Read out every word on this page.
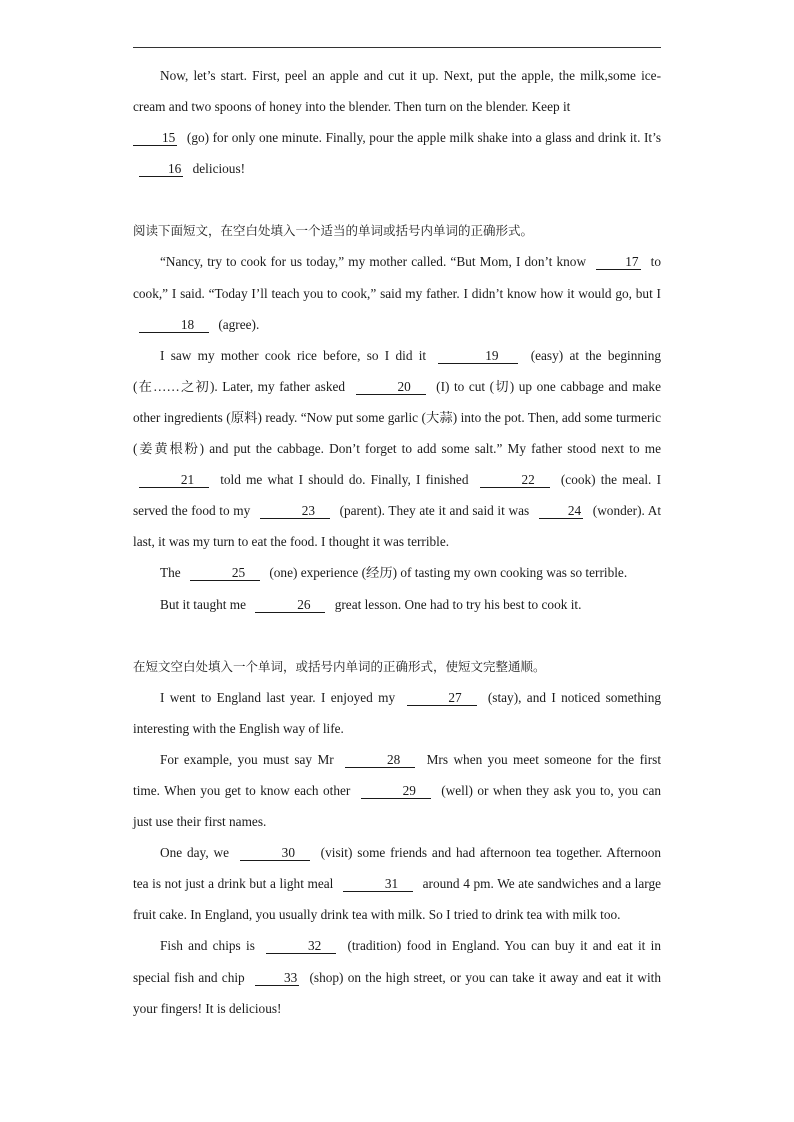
Now, let’s start. First, peel an apple and cut it up. Next, put the apple, the milk,some ice-cream and two spoons of honey into the blender. Then turn on the blender. Keep it
15 (go) for only one minute. Finally, pour the apple milk shake into a glass and drink it. It’s 16 delicious!

阅读下面短文，在空白处填入一个适当的单词或括号内单词的正确形式。

“Nancy, try to cook for us today,” my mother called. “But Mom, I don’t know	17 to cook,” I said. “Today I’ll teach you to cook,” said my father. I didn’t know how it would go, but I 18 (agree).

I saw my mother cook rice before, so I did it	19 (easy) at the beginning (在……之初). Later, my father asked	20 (I) to cut (切) up one cabbage and make other ingredients (原料) ready. “Now put some garlic (大蒜) into the pot. Then, add some turmeric (姜黄根粉) and put the cabbage. Don’t forget to add some salt.” My father stood next to me 21 told me what I should do. Finally, I finished	22 (cook) the meal. I served the food to my	23 (parent). They ate it and said it was	24 (wonder). At last, it was my turn to eat the food. I thought it was terrible.

The	25 (one) experience (经历) of tasting my own cooking was so terrible.

But it taught me	26 great lesson. One had to try his best to cook it.

在短文空白处填入一个单词，或括号内单词的正确形式，使短文完整通顺。

I went to England last year. I enjoyed my	27 (stay), and I noticed something interesting with the English way of life.

For example, you must say Mr	28 Mrs when you meet someone for the first time. When you get to know each other	29 (well) or when they ask you to, you can just use their first names.

One day, we	30 (visit) some friends and had afternoon tea together. Afternoon tea is not just a drink but a light meal	31 around 4 pm. We ate sandwiches and a large fruit cake. In England, you usually drink tea with milk. So I tried to drink tea with milk too.

Fish and chips is	32 (tradition) food in England. You can buy it and eat it in special fish and chip	33 (shop) on the high street, or you can take it away and eat it with your fingers! It is delicious!
